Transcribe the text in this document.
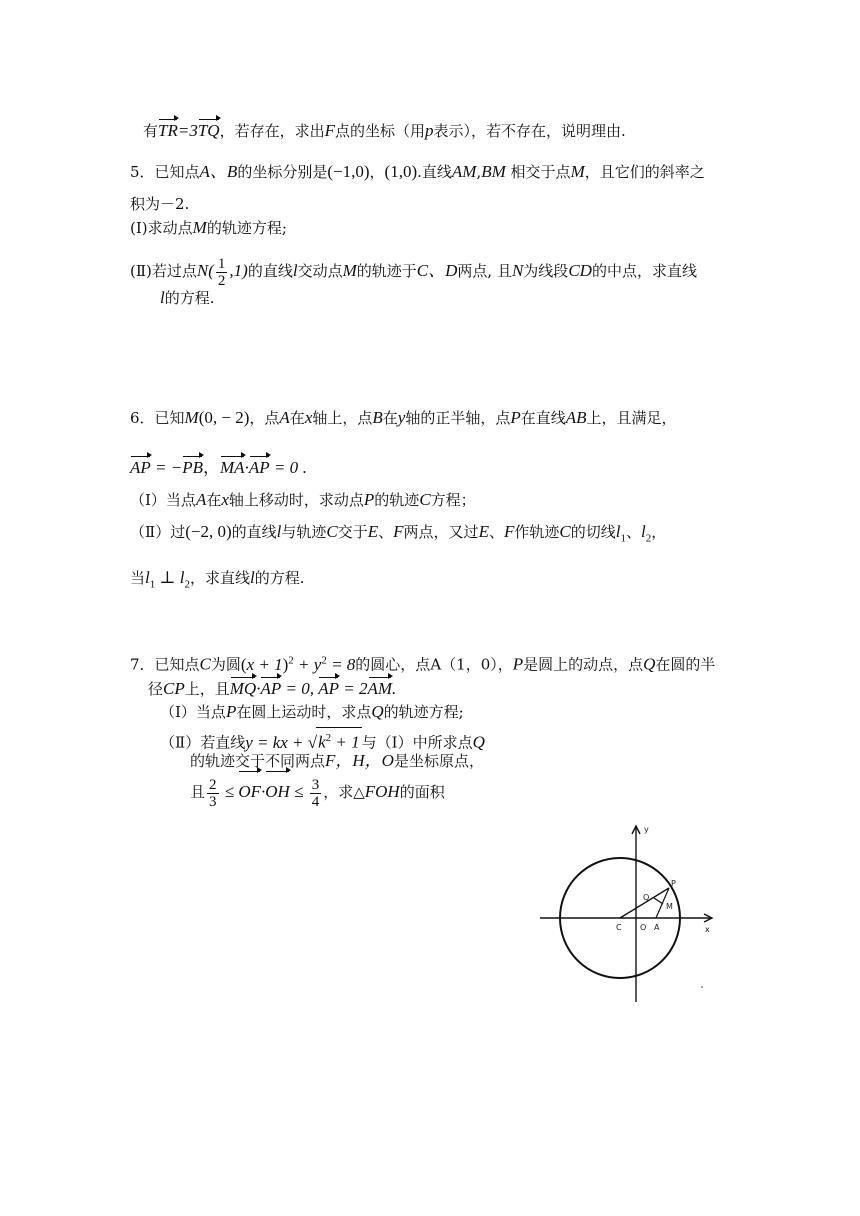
有TR=3TQ，若存在，求出F点的坐标（用p表示），若不存在，说明理由.
5．已知点A、B的坐标分别是(−1,0)，(1,0).直线AM,BM 相交于点M，且它们的斜率之
积为－2.
(Ⅰ)求动点M的轨迹方程;
(Ⅱ)若过点$N( \frac{1}{2} ,1)$的直线l交动点M的轨迹于C、D两点, 且N为线段CD的中点，求直线
l的方程.
6．已知M(0, − 2)，点A在x轴上，点B在y轴的正半轴，点P在直线AB上，且满足，
AP = −PB，MA·AP = 0 .
（Ⅰ）当点A在x轴上移动时，求动点P的轨迹C方程；
（Ⅱ）过(−2, 0)的直线l与轨迹C交于E、F两点，又过E、F作轨迹C的切线$l_1$、$l_2$，
当$l_1$ ⊥ $l_2$，求直线l的方程.
7．已知点C为圆$(x + 1)^2 + y^2 = 8$的圆心，点A（1，0），P是圆上的动点，点Q在圆的半
径CP上，且MQ·AP = 0, AP = 2AM.
（Ⅰ）当点P在圆上运动时，求点Q的轨迹方程;
（Ⅱ）若直线y = kx + $√k^2 + 1$ 与（Ⅰ）中所求点Q
的轨迹交于不同两点F，H，O是坐标原点，
且 $\frac{2}{3} \le OF\cdot OH \le \frac{3}{4}$ ，求△FOH的面积
y
x
P
Q
M
C O A
